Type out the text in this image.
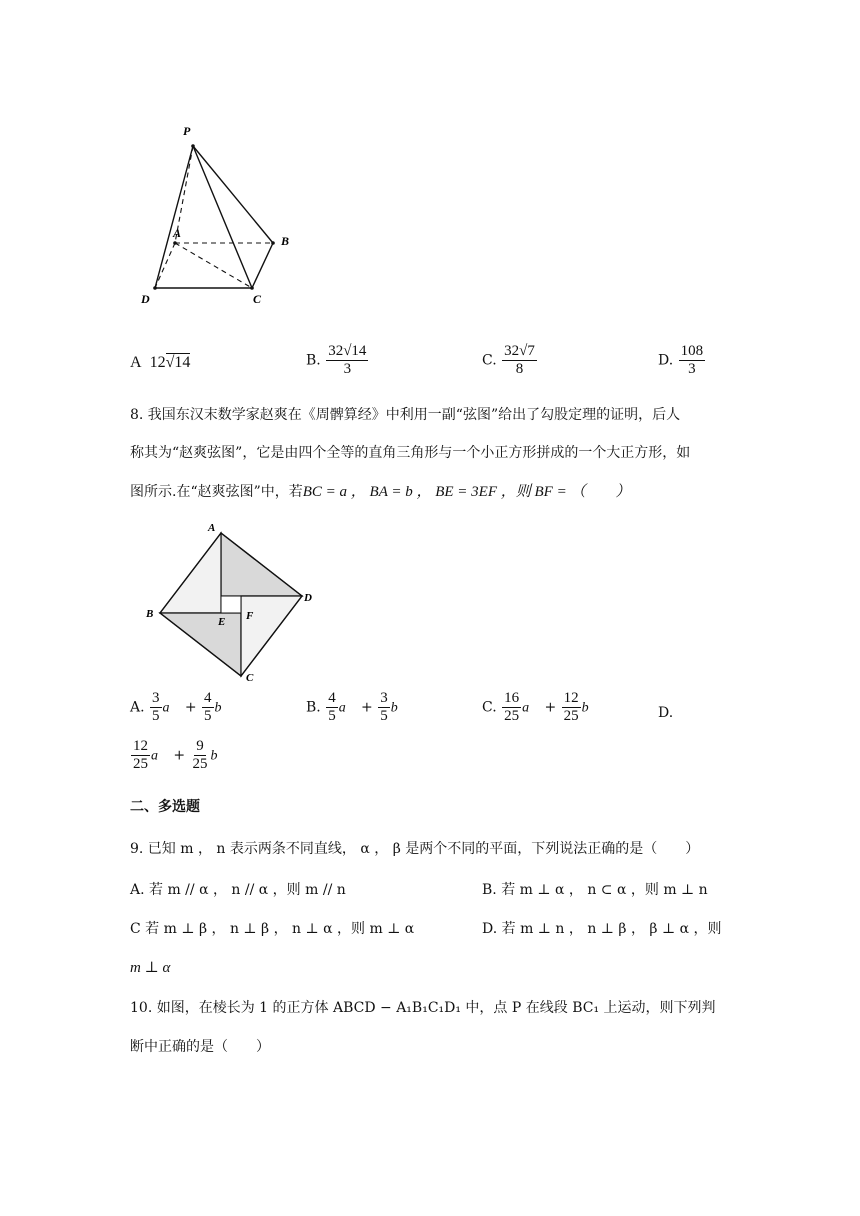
P
A
B
C
D
A  12√14	B. $\frac{32√14}{3}$	C. $\frac{32√7}{8}$	D. $\frac{108}{3}$
8. 我国东汉末数学家赵爽在《周髀算经》中利用一副“弦图”给出了勾股定理的证明，后人
称其为“赵爽弦图”，它是由四个全等的直角三角形与一个小正方形拼成的一个大正方形，如
图所示.在“赵爽弦图”中，若BC = a ， BA = b ， BE = 3EF ，则 BF = （　　）
A
B
C
D
E F
A. $\frac{3}{5}$ a⃗ + $\frac{4}{5}$ b⃗	B. $\frac{4}{5}$ a⃗ + $\frac{3}{5}$ b⃗	C. $\frac{16}{25}$ a⃗ + $\frac{12}{25}$ b⃗	D.
$\frac{12}{25}$ a⃗ + $\frac{9}{25}$ b⃗
二、多选题
9. 已知 m ， n 表示两条不同直线， α ， β 是两个不同的平面，下列说法正确的是（　　）
A. 若 m // α ， n // α ，则 m // n	B. 若 m ⊥ α ， n ⊂ α ，则 m ⊥ n
C 若 m ⊥ β ， n ⊥ β ， n ⊥ α ，则 m ⊥ α	D. 若 m ⊥ n ， n ⊥ β ， β ⊥ α ，则
m ⊥ α
10. 如图，在棱长为 1 的正方体 ABCD − A₁B₁C₁D₁ 中，点 P 在线段 BC₁ 上运动，则下列判
断中正确的是（　　）
